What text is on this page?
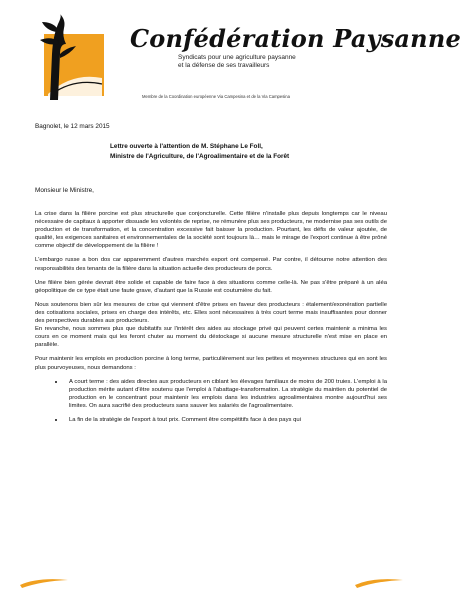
Confédération Paysanne
Syndicats pour une agriculture paysanne
et la défense de ses travailleurs
Membre de la Coordination européenne Via Campesina et de la Via Campesina
Bagnolet, le 12 mars 2015
Lettre ouverte à l'attention de M. Stéphane Le Foll,
Ministre de l'Agriculture, de l'Agroalimentaire et de la Forêt
Monsieur le Ministre,

La crise dans la filière porcine est plus structurelle que conjoncturelle. Cette filière n'installe plus depuis longtemps car le niveau nécessaire de capitaux à apporter dissuade les volontés de reprise, ne rémunère plus ses producteurs, ne modernise pas ses outils de production et de transformation, et la concentration excessive fait baisser la production. Pourtant, les défis de valeur ajoutée, de qualité, les exigences sanitaires et environnementales de la société sont toujours là… mais le mirage de l'export continue à être prôné comme objectif de développement de la filière !

L'embargo russe a bon dos car apparemment d'autres marchés export ont compensé. Par contre, il détourne notre attention des responsabilités des tenants de la filière dans la situation actuelle des producteurs de porcs.

Une filière bien gérée devrait être solide et capable de faire face à des situations comme celle-là. Ne pas s'être préparé à un aléa géopolitique de ce type était une faute grave, d'autant que la Russie est coutumière du fait.

Nous soutenons bien sûr les mesures de crise qui viennent d'être prises en faveur des producteurs : étalement/exonération partielle des cotisations sociales, prises en charge des intérêts, etc. Elles sont nécessaires à très court terme mais insuffisantes pour donner des perspectives durables aux producteurs.

En revanche, nous sommes plus que dubitatifs sur l'intérêt des aides au stockage privé qui peuvent certes maintenir a minima les cours en ce moment mais qui les feront chuter au moment du déstockage si aucune mesure structurelle n'est mise en place en parallèle.

Pour maintenir les emplois en production porcine à long terme, particulièrement sur les petites et moyennes structures qui en sont les plus pourvoyeuses, nous demandons :

• A court terme : des aides directes aux producteurs en ciblant les élevages familiaux de moins de 200 truies. L'emploi à la production mérite autant d'être soutenu que l'emploi à l'abattage-transformation. La stratégie du maintien du potentiel de production en le concentrant pour maintenir les emplois dans les industries agroalimentaires montre aujourd'hui ses limites. On aura sacrifié des producteurs sans sauver les salariés de l'agroalimentaire.
• La fin de la stratégie de l'export à tout prix. Comment être compétitifs face à des pays qui
